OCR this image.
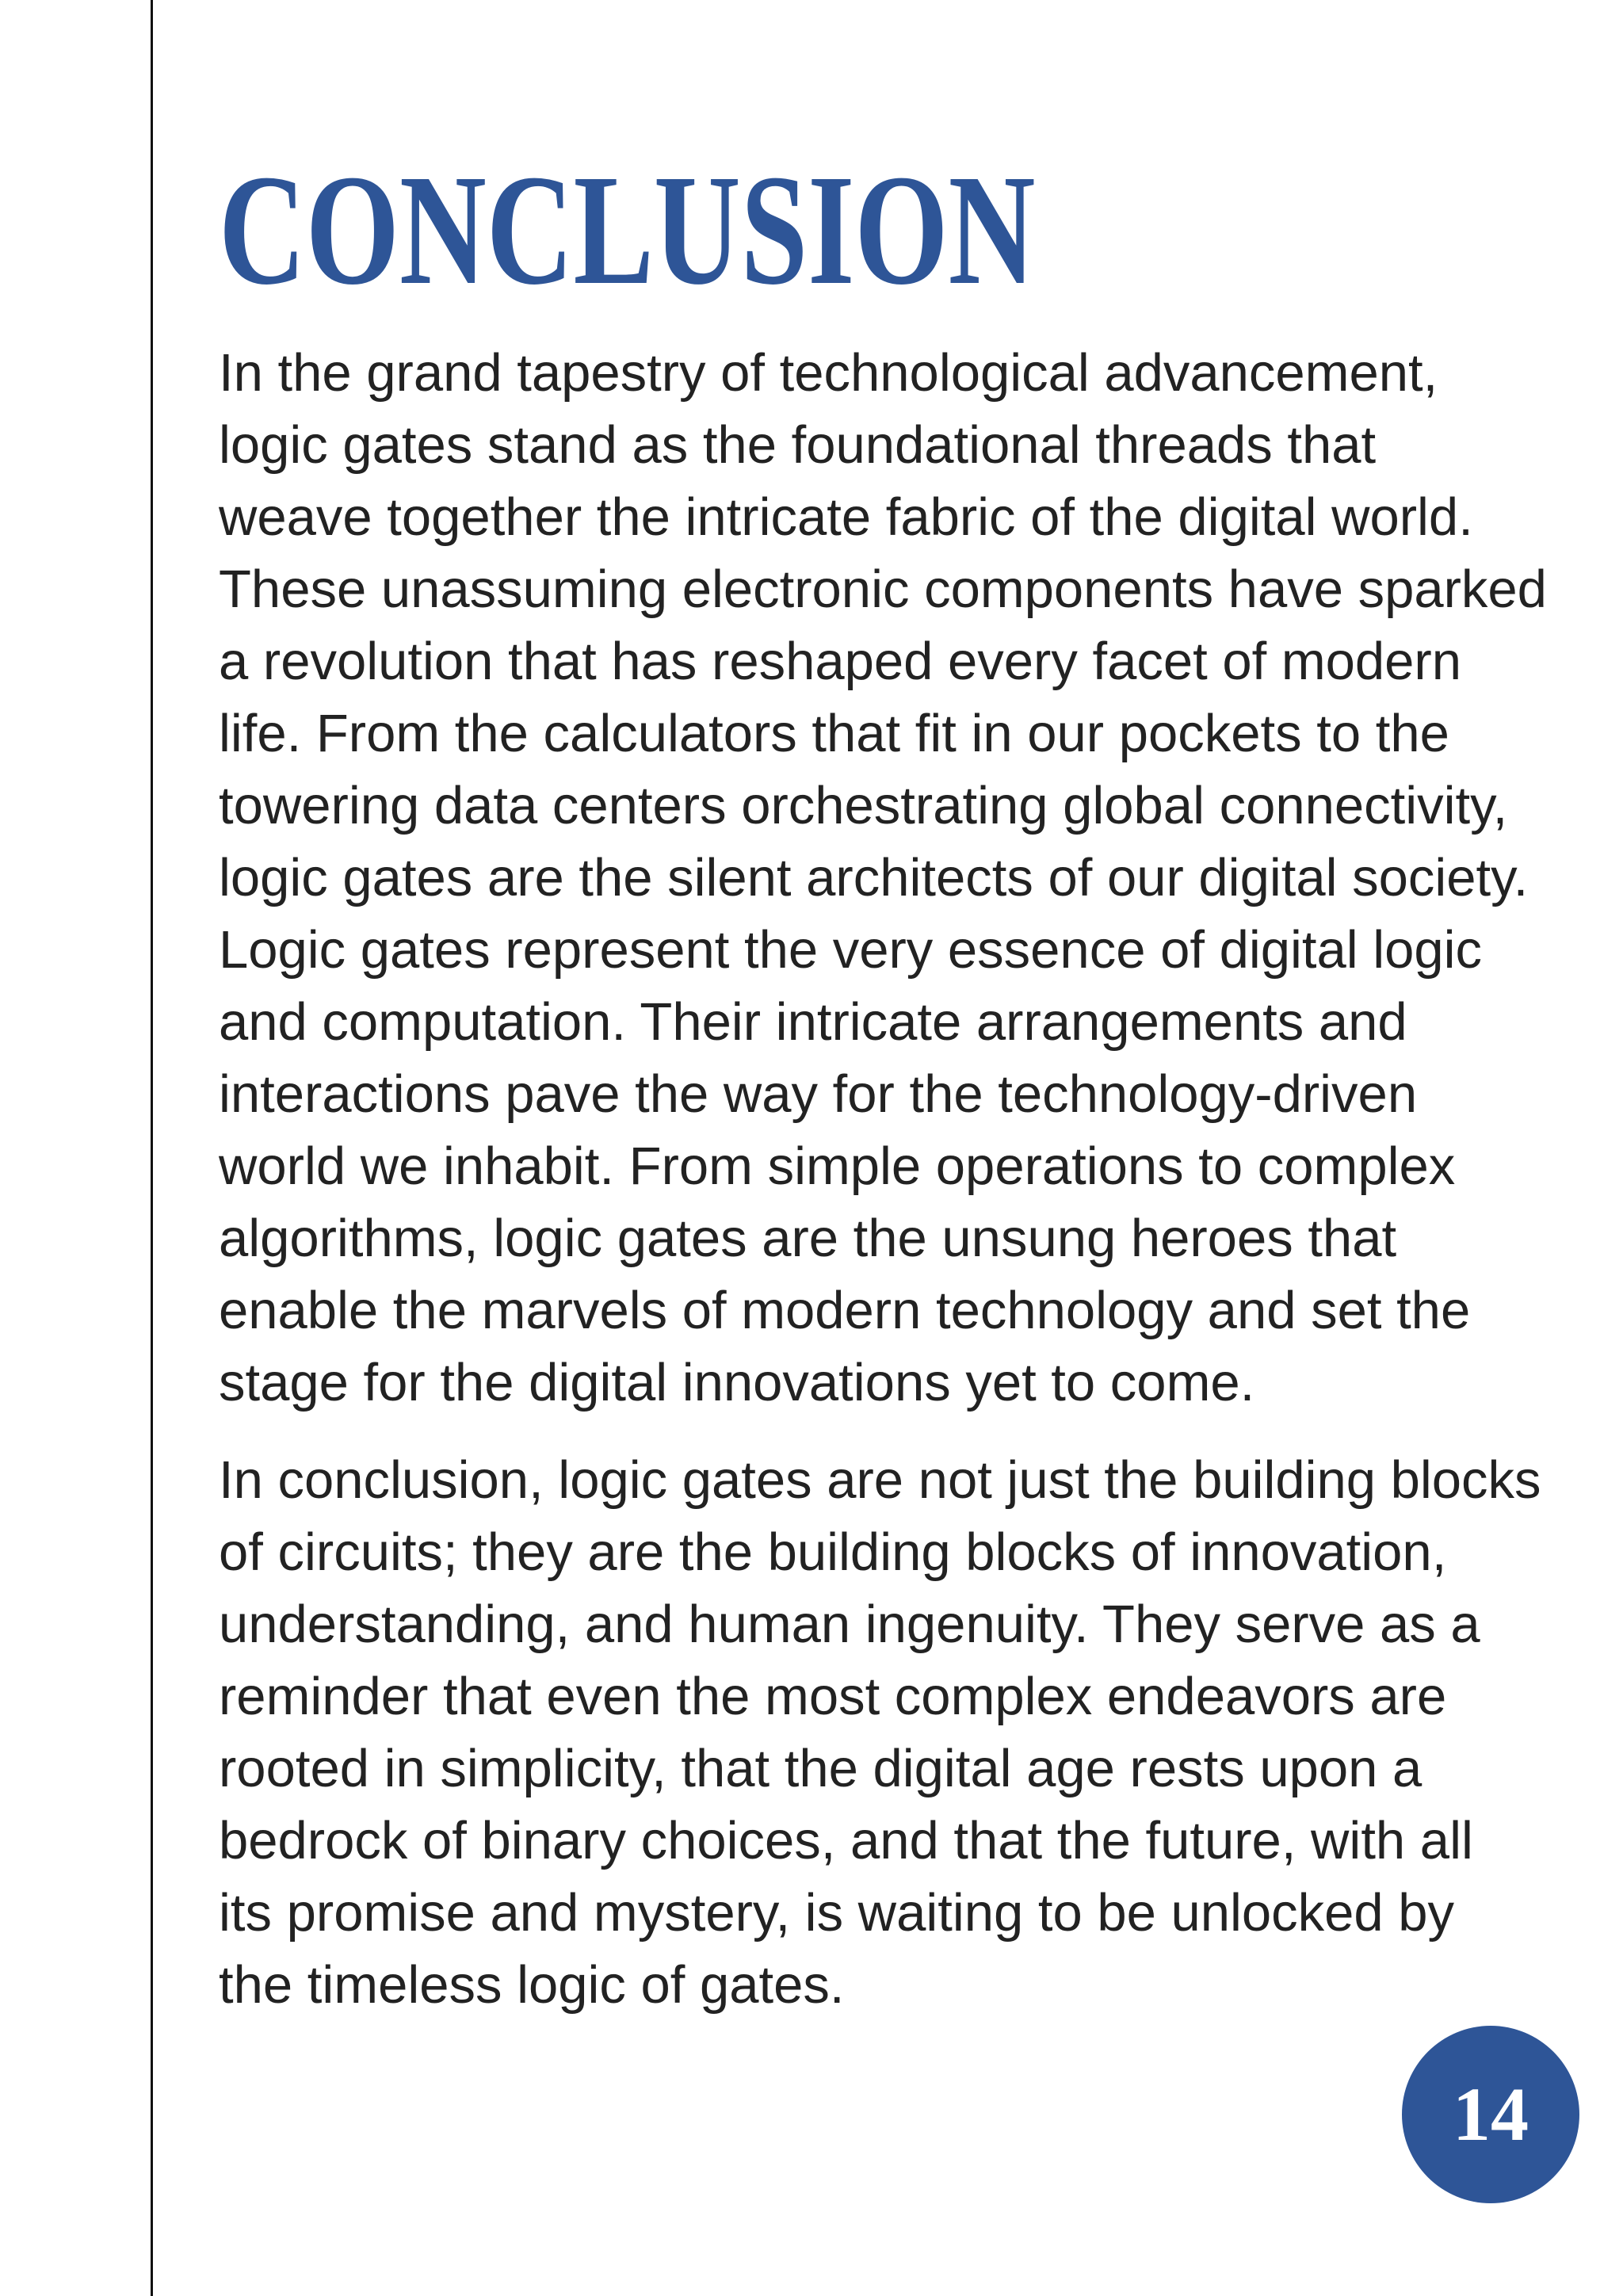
CONCLUSION

In the grand tapestry of technological advancement,
logic gates stand as the foundational threads that
weave together the intricate fabric of the digital world.
These unassuming electronic components have sparked
a revolution that has reshaped every facet of modern
life. From the calculators that fit in our pockets to the
towering data centers orchestrating global connectivity,
logic gates are the silent architects of our digital society.
Logic gates represent the very essence of digital logic
and computation. Their intricate arrangements and
interactions pave the way for the technology-driven
world we inhabit. From simple operations to complex
algorithms, logic gates are the unsung heroes that
enable the marvels of modern technology and set the
stage for the digital innovations yet to come.

In conclusion, logic gates are not just the building blocks
of circuits; they are the building blocks of innovation,
understanding, and human ingenuity. They serve as a
reminder that even the most complex endeavors are
rooted in simplicity, that the digital age rests upon a
bedrock of binary choices, and that the future, with all
its promise and mystery, is waiting to be unlocked by
the timeless logic of gates.

14
